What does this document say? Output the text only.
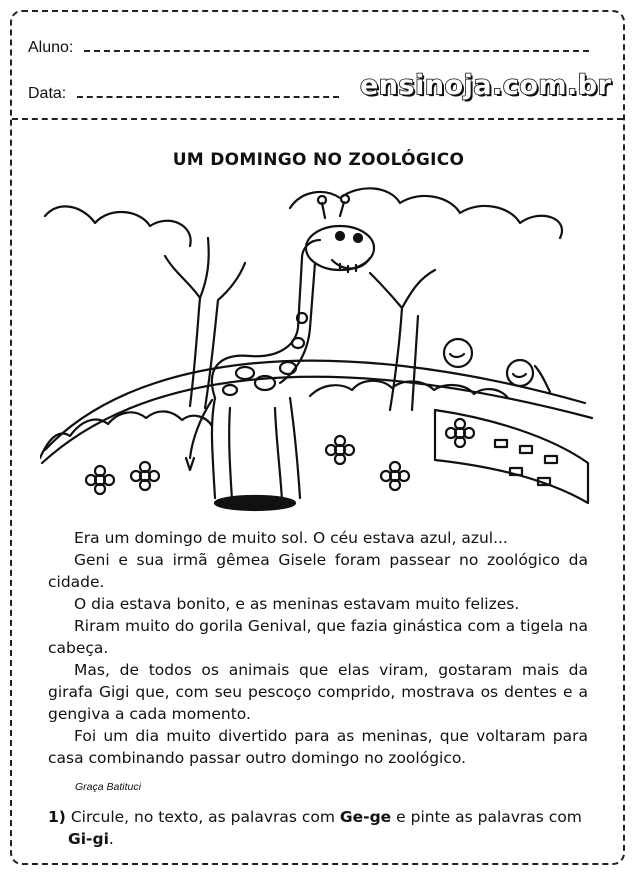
Aluno:
Data:	ensinoja.com.br
UM DOMINGO NO ZOOLÓGICO

Era um domingo de muito sol. O céu estava azul, azul...

Geni e sua irmã gêmea Gisele foram passear no zoológico da cidade.

O dia estava bonito, e as meninas estavam muito felizes.

Riram muito do gorila Genival, que fazia ginástica com a tigela na cabeça.

Mas, de todos os animais que elas viram, gostaram mais da girafa Gigi que, com seu pescoço comprido, mostrava os dentes e a gengiva a cada momento.

Foi um dia muito divertido para as meninas, que voltaram para casa combinando passar outro domingo no zoológico.

Graça Batituci
1) Circule, no texto, as palavras com Ge-ge e pinte as palavras com
Gi-gi.
